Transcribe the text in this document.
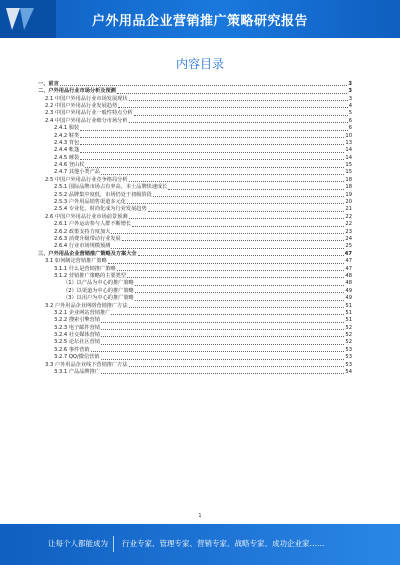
户外用品企业营销推广策略研究报告
内容目录
一、前言	3
二、户外用品行业市场分析及预测	3
2.1 中国户外用品行业市场发展现状	3
2.2 中国户外用品行业发展趋势	4
2.3 中国户外用品行业一般性特点分析	5
2.4 中国户外用品行业细分市场分析	6
2.4.1 服装	6
2.4.2 鞋类	10
2.4.3 背包	13
2.4.4 帐篷	14
2.4.5 睡袋	14
2.4.6 登山杖	15
2.4.7 其他小类产品	15
2.5 中国户外用品行业竞争格局分析	18
2.5.1 国际品牌市场占有率高，本土品牌快速成长	18
2.5.2 品牌集中度低，市场仍处于初级阶段	19
2.5.3 户外用品销售渠道多元化	20
2.5.4 专业化、时尚化成为行业发展趋势	21
2.6 中国户外用品行业市场前景预测	22
2.6.1 户外运动参与人群不断增长	22
2.6.2 政策支持力度加大	23
2.6.3 消费升级带动行业发展	24
2.6.4 行业市场规模预测	25
三、户外用品企业营销推广策略及方案大全	47
3.1 如何制定营销推广策略	47
3.1.1 什么是营销推广策略	47
3.1.2 营销推广策略的主要类型	48
（1）以产品为中心的推广策略	48
（2）以渠道为中心的推广策略	49
（3）以用户为中心的推广策略	49
3.2 户外用品企业网络营销推广方法	51
3.2.1 企业网站营销推广	51
3.2.2 搜索引擎营销	51
3.2.3 电子邮件营销	52
3.2.4 社交媒体营销	52
3.2.5 论坛社区营销	52
3.2.6 事件营销	53
3.2.7 QQ/微信营销	53
3.3 户外用品企业线下营销推广方法	53
3.3.1 产品品牌推广	54
1
让每个人都能成为 行业专家、管理专家、营销专家、战略专家、成功企业家……
